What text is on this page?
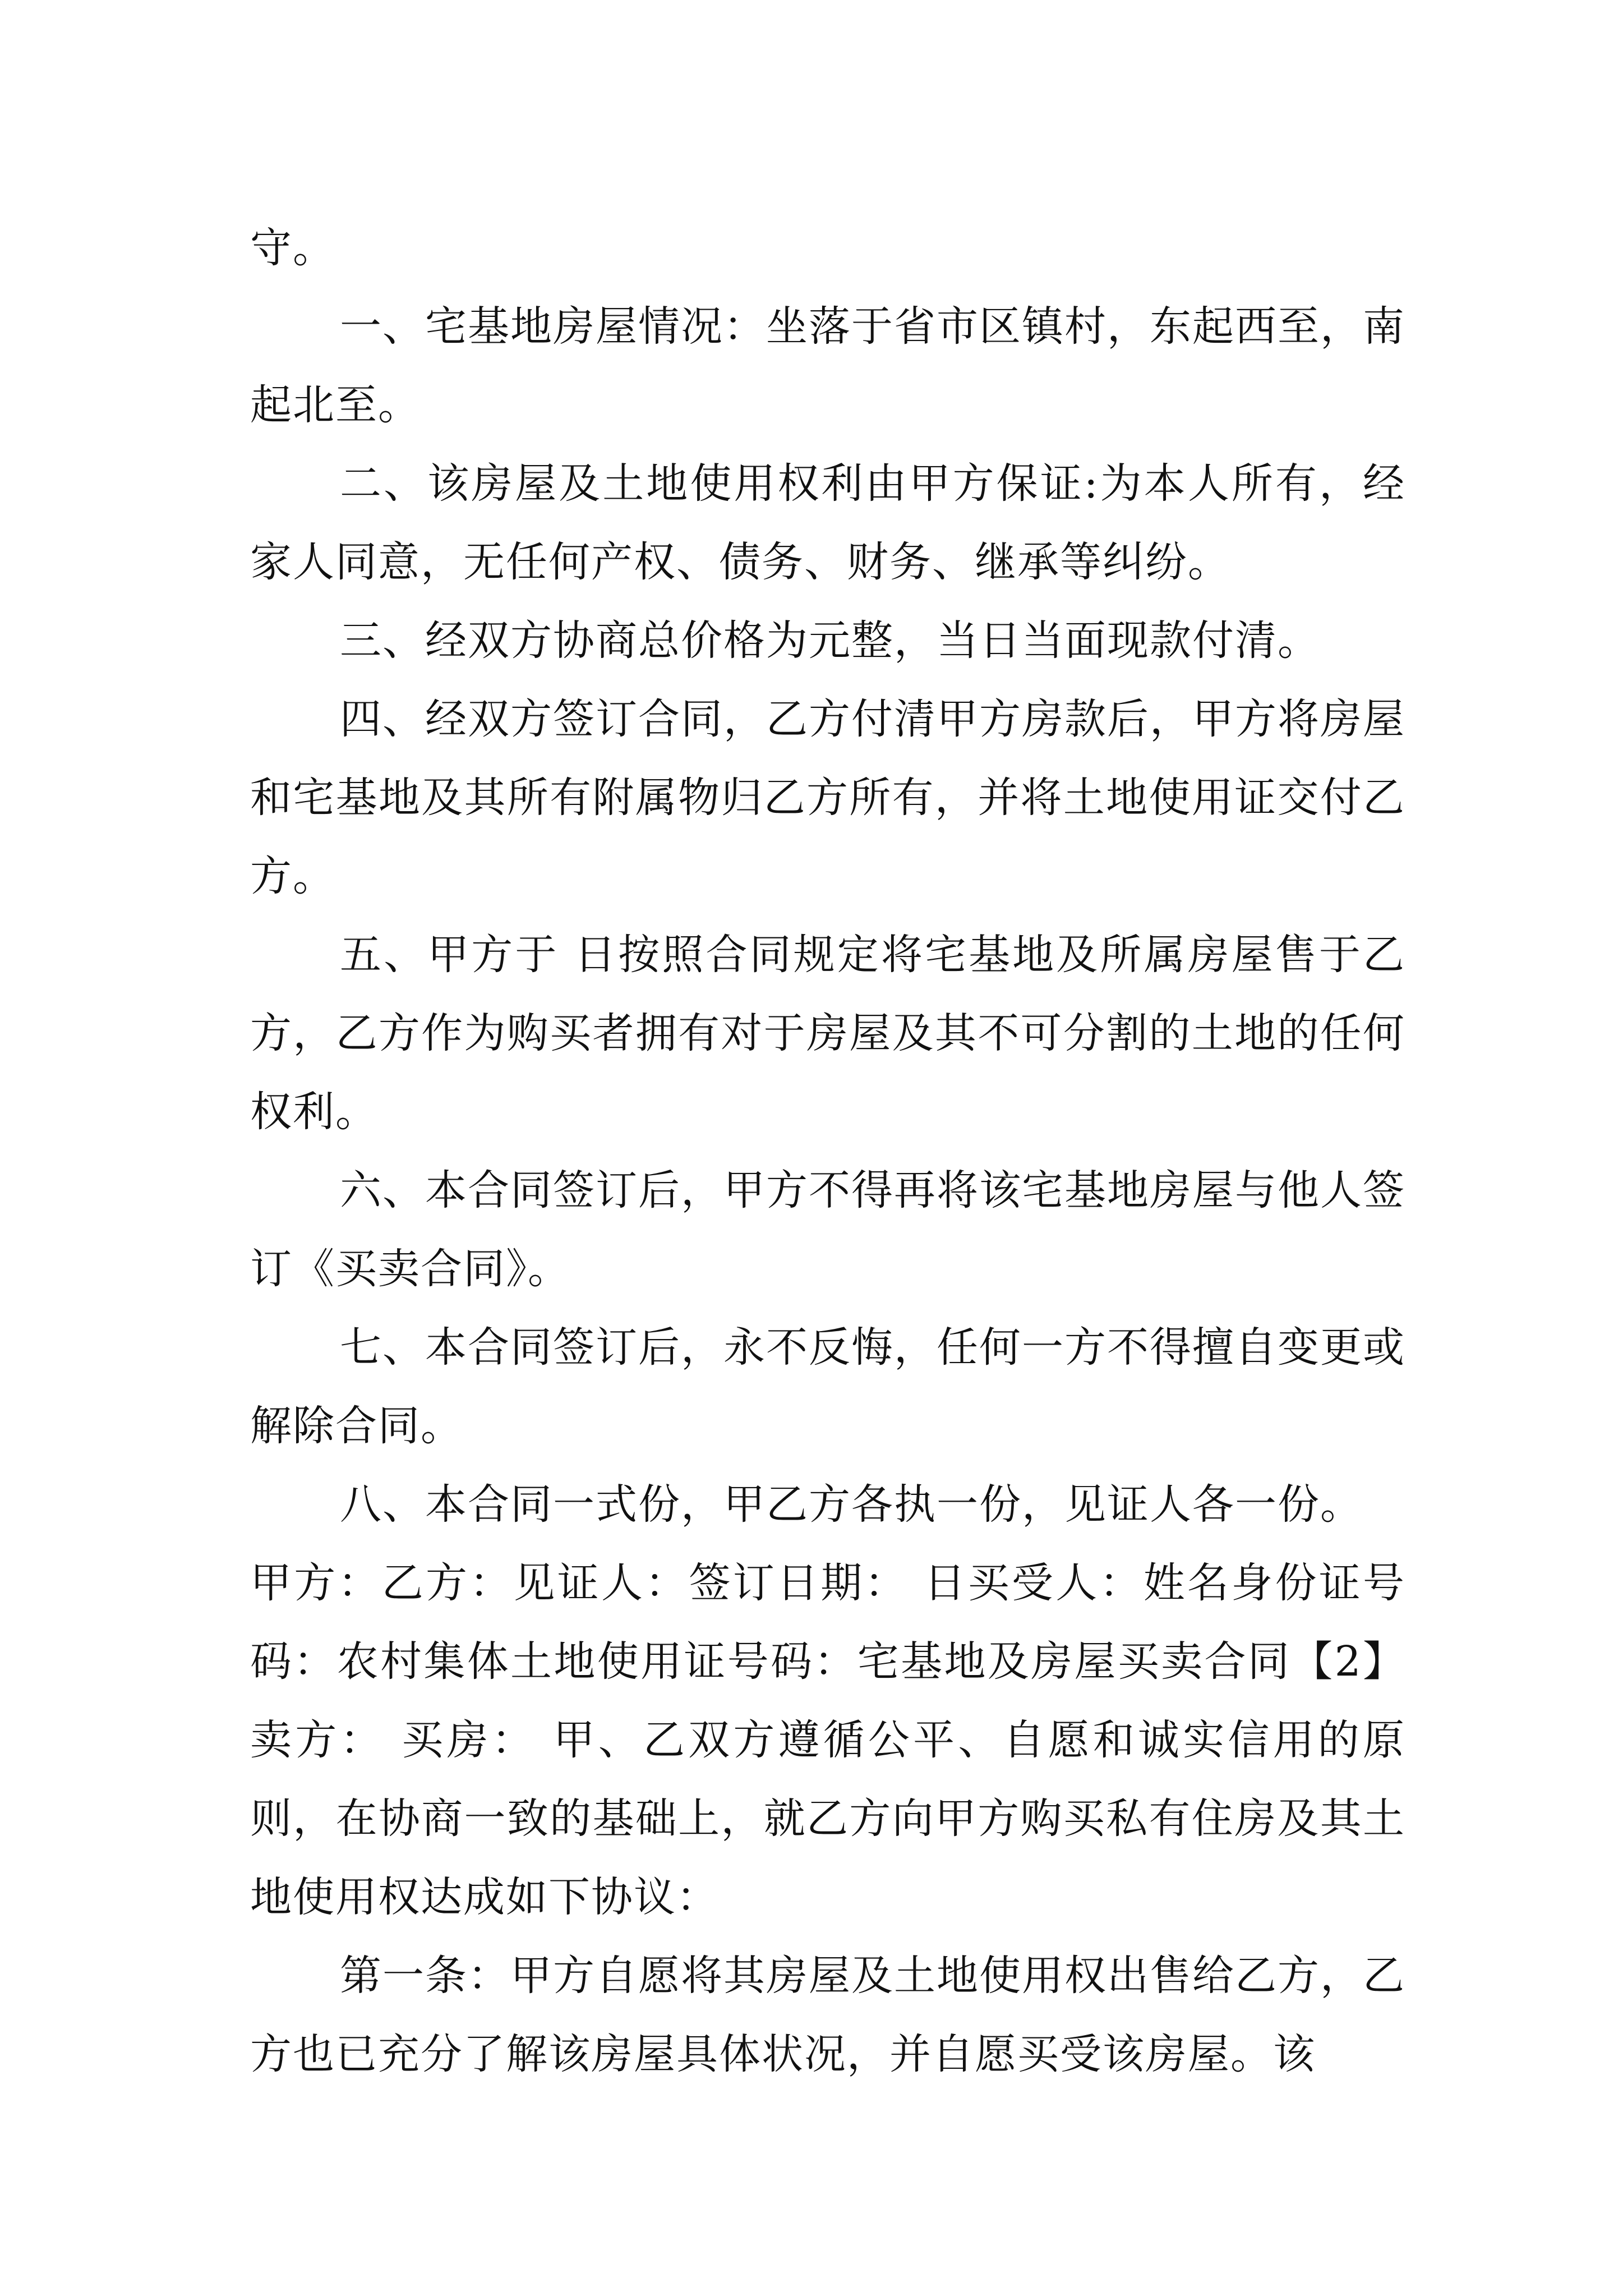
守。

一、宅基地房屋情况：坐落于省市区镇村，东起西至，南起北至。

二、该房屋及土地使用权利由甲方保证:为本人所有，经家人同意，无任何产权、债务、财务、继承等纠纷。

三、经双方协商总价格为元整，当日当面现款付清。

四、经双方签订合同，乙方付清甲方房款后，甲方将房屋和宅基地及其所有附属物归乙方所有，并将土地使用证交付乙方。

五、甲方于 日按照合同规定将宅基地及所属房屋售于乙方，乙方作为购买者拥有对于房屋及其不可分割的土地的任何权利。

六、本合同签订后，甲方不得再将该宅基地房屋与他人签订《买卖合同》。

七、本合同签订后，永不反悔，任何一方不得擅自变更或解除合同。

八、本合同一式份，甲乙方各执一份，见证人各一份。

甲方：乙方：见证人：签订日期： 日买受人：姓名身份证号码：农村集体土地使用证号码：宅基地及房屋买卖合同【2】卖方： 买房： 甲、乙双方遵循公平、自愿和诚实信用的原则，在协商一致的基础上，就乙方向甲方购买私有住房及其土地使用权达成如下协议：

第一条：甲方自愿将其房屋及土地使用权出售给乙方，乙方也已充分了解该房屋具体状况，并自愿买受该房屋。该
